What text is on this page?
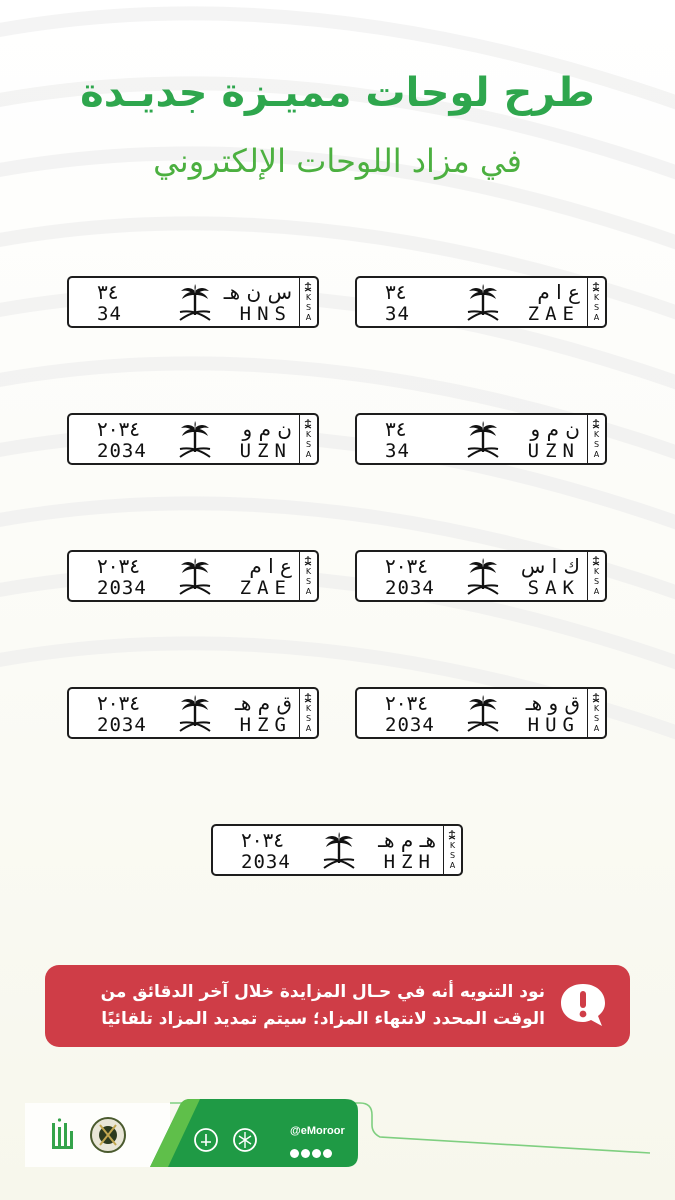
طرح لوحات مميـزة جديـدة
في مزاد اللوحات الإلكتروني
K
S
A
ع ا م
٣٤
ZAE
34
K
S
A
س ن هـ
٣٤
HNS
34
K
S
A
ن م و
٣٤
UZN
34
K
S
A
ن م و
٢٠٣٤
UZN
2034
K
S
A
ك ا س
٢٠٣٤
SAK
2034
K
S
A
ع ا م
٢٠٣٤
ZAE
2034
K
S
A
ق و هـ
٢٠٣٤
HUG
2034
K
S
A
ق م هـ
٢٠٣٤
HZG
2034
K
S
A
هـ م هـ
٢٠٣٤
HZH
2034
نود التنويه أنه في حـال المزايدة خلال آخر الدقائق من الوقت المحدد لانتهاء المزاد؛ سيتم تمديد المزاد تلقائيًا
@eMoroor
